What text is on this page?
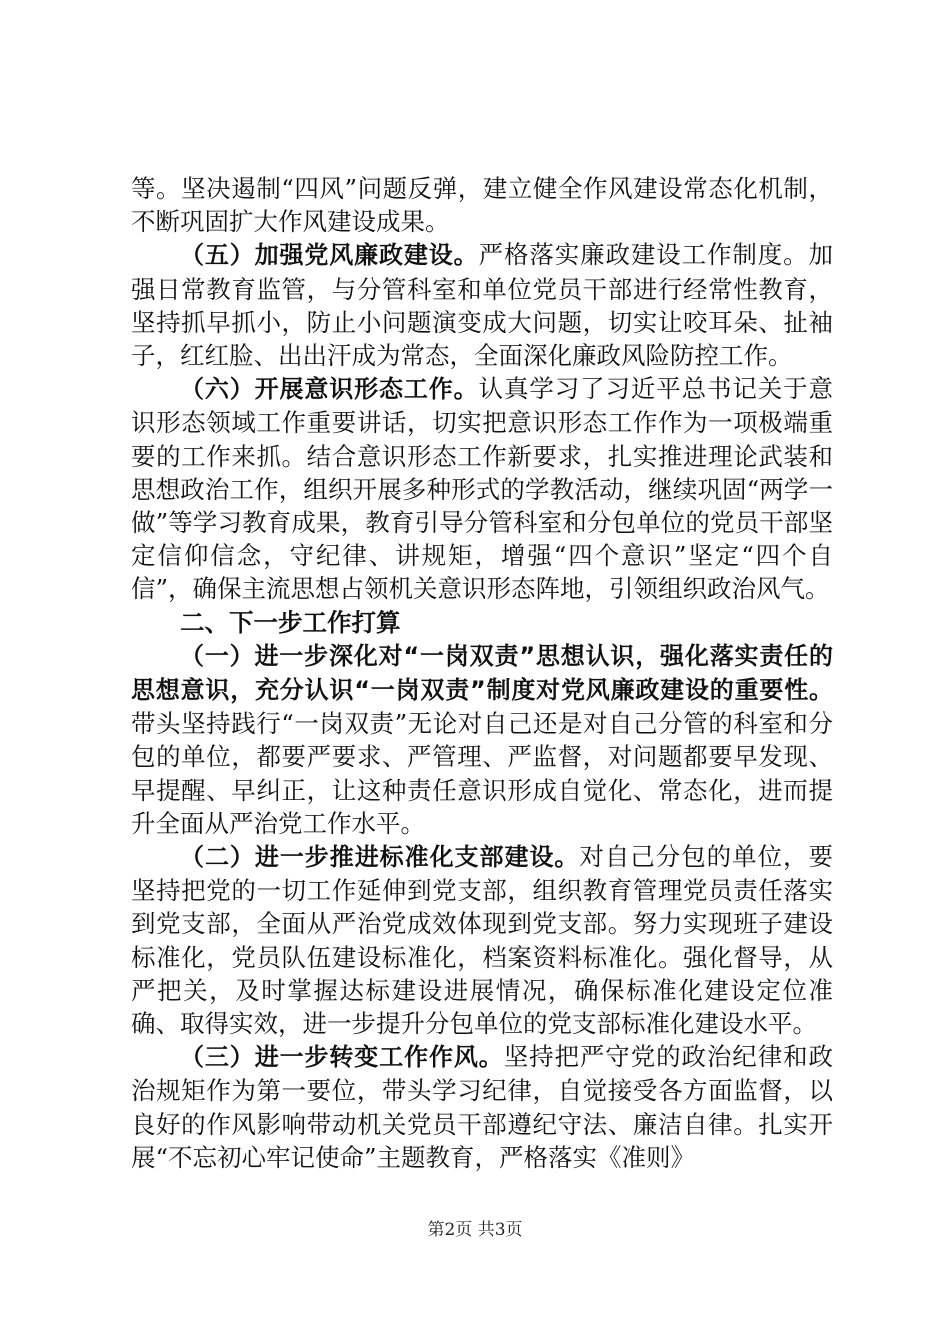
等。坚决遏制“四风”问题反弹，建立健全作风建设常态化机制，不断巩固扩大作风建设成果。

（五）加强党风廉政建设。严格落实廉政建设工作制度。加强日常教育监管，与分管科室和单位党员干部进行经常性教育，坚持抓早抓小，防止小问题演变成大问题，切实让咬耳朵、扯袖子，红红脸、出出汗成为常态，全面深化廉政风险防控工作。

（六）开展意识形态工作。认真学习了习近平总书记关于意识形态领域工作重要讲话，切实把意识形态工作作为一项极端重要的工作来抓。结合意识形态工作新要求，扎实推进理论武装和思想政治工作，组织开展多种形式的学教活动，继续巩固“两学一做”等学习教育成果，教育引导分管科室和分包单位的党员干部坚定信仰信念，守纪律、讲规矩，增强“四个意识”坚定“四个自信”，确保主流思想占领机关意识形态阵地，引领组织政治风气。

二、下一步工作打算

（一）进一步深化对“一岗双责”思想认识，强化落实责任的思想意识，充分认识“一岗双责”制度对党风廉政建设的重要性。带头坚持践行“一岗双责”无论对自己还是对自己分管的科室和分包的单位，都要严要求、严管理、严监督，对问题都要早发现、早提醒、早纠正，让这种责任意识形成自觉化、常态化，进而提升全面从严治党工作水平。

（二）进一步推进标准化支部建设。对自己分包的单位，要坚持把党的一切工作延伸到党支部，组织教育管理党员责任落实到党支部，全面从严治党成效体现到党支部。努力实现班子建设标准化，党员队伍建设标准化，档案资料标准化。强化督导，从严把关，及时掌握达标建设进展情况，确保标准化建设定位准确、取得实效，进一步提升分包单位的党支部标准化建设水平。

（三）进一步转变工作作风。坚持把严守党的政治纪律和政治规矩作为第一要位，带头学习纪律，自觉接受各方面监督，以良好的作风影响带动机关党员干部遵纪守法、廉洁自律。扎实开展“不忘初心牢记使命”主题教育，严格落实《准则》

第2页 共3页
